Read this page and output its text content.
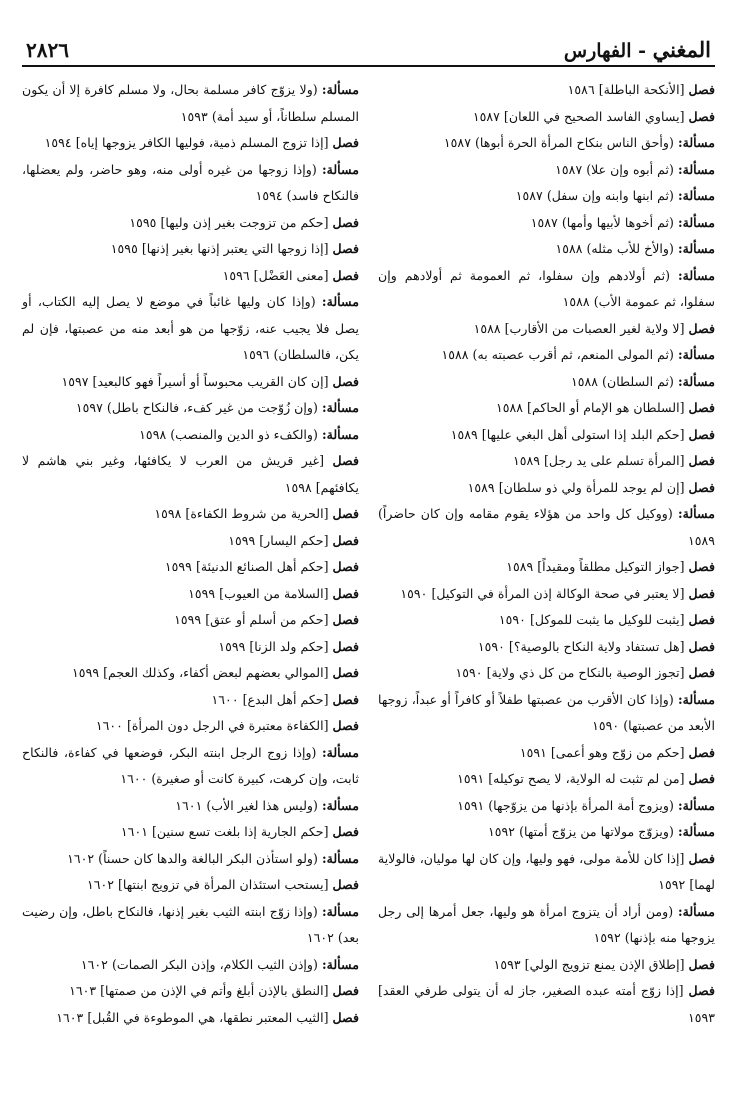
المغني - الفهارس
٢٨٢٦

فصل [الأنكحة الباطلة] ١٥٨٦

فصل [يساوي الفاسد الصحيح في اللعان] ١٥٨٧

مسألة: (وأحق الناس بنكاح المرأة الحرة أبوها) ١٥٨٧

مسألة: (ثم أبوه وإن علا) ١٥٨٧

مسألة: (ثم ابنها وابنه وإن سفل) ١٥٨٧

مسألة: (ثم أخوها لأبيها وأمها) ١٥٨٧

مسألة: (والأخ للأب مثله) ١٥٨٨

مسألة: (ثم أولادهم وإن سفلوا، ثم العمومة ثم أولادهم وإن سفلوا، ثم عمومة الأب) ١٥٨٨

فصل [لا ولاية لغير العصبات من الأقارب] ١٥٨٨

مسألة: (ثم المولى المنعم، ثم أقرب عصبته به) ١٥٨٨

مسألة: (ثم السلطان) ١٥٨٨

فصل [السلطان هو الإمام أو الحاكم] ١٥٨٨

فصل [حكم البلد إذا استولى أهل البغي عليها] ١٥٨٩

فصل [المرأة تسلم على يد رجل] ١٥٨٩

فصل [إن لم يوجد للمرأة ولي ذو سلطان] ١٥٨٩

مسألة: (ووكيل كل واحد من هؤلاء يقوم مقامه وإن كان حاضراً) ١٥٨٩

فصل [جواز التوكيل مطلقاً ومقيداً] ١٥٨٩

فصل [لا يعتبر في صحة الوكالة إذن المرأة في التوكيل] ١٥٩٠

فصل [يثبت للوكيل ما يثبت للموكل] ١٥٩٠

فصل [هل تستفاد ولاية النكاح بالوصية؟] ١٥٩٠

فصل [تجوز الوصية بالنكاح من كل ذي ولاية] ١٥٩٠

مسألة: (وإذا كان الأقرب من عصبتها طفلاً أو كافراً أو عبداً، زوجها الأبعد من عصبتها) ١٥٩٠

فصل [حكم من زوّج وهو أعمى] ١٥٩١

فصل [من لم تثبت له الولاية، لا يصح توكيله] ١٥٩١

مسألة: (ويزوج أمة المرأة بإذنها من يزوّجها) ١٥٩١

مسألة: (ويزوّج مولاتها من يزوّج أمتها) ١٥٩٢

فصل [إذا كان للأمة مولى، فهو وليها، وإن كان لها موليان، فالولاية لهما] ١٥٩٢

مسألة: (ومن أراد أن يتزوج امرأة هو وليها، جعل أمرها إلى رجل يزوجها منه بإذنها) ١٥٩٢

فصل [إطلاق الإذن يمنع تزويج الولي] ١٥٩٣

فصل [إذا زوّج أمته عبده الصغير، جاز له أن يتولى طرفي العقد] ١٥٩٣

مسألة: (ولا يزوّج كافر مسلمة بحال، ولا مسلم كافرة إلا أن يكون المسلم سلطاناً، أو سيد أمة) ١٥٩٣

فصل [إذا تزوج المسلم ذمية، فوليها الكافر يزوجها إياه] ١٥٩٤

مسألة: (وإذا زوجها من غيره أولى منه، وهو حاضر، ولم يعضلها، فالنكاح فاسد) ١٥٩٤

فصل [حكم من تزوجت بغير إذن وليها] ١٥٩٥

فصل [إذا زوجها التي يعتبر إذنها بغير إذنها] ١٥٩٥

فصل [معنى العَضْل] ١٥٩٦

مسألة: (وإذا كان وليها غائباً في موضع لا يصل إليه الكتاب، أو يصل فلا يجيب عنه، زوّجها من هو أبعد منه من عصبتها، فإن لم يكن، فالسلطان) ١٥٩٦

فصل [إن كان القريب محبوساً أو أسيراً فهو كالبعيد] ١٥٩٧

مسألة: (وإن زُوّجت من غير كفء، فالنكاح باطل) ١٥٩٧

مسألة: (والكفء ذو الدين والمنصب) ١٥٩٨

فصل [غير قريش من العرب لا يكافئها، وغير بني هاشم لا يكافئهم] ١٥٩٨

فصل [الحرية من شروط الكفاءة] ١٥٩٨

فصل [حكم اليسار] ١٥٩٩

فصل [حكم أهل الصنائع الدنيئة] ١٥٩٩

فصل [السلامة من العيوب] ١٥٩٩

فصل [حكم من أسلم أو عتق] ١٥٩٩

فصل [حكم ولد الزنا] ١٥٩٩

فصل [الموالي بعضهم لبعض أكفاء، وكذلك العجم] ١٥٩٩

فصل [حكم أهل البدع] ١٦٠٠

فصل [الكفاءة معتبرة في الرجل دون المرأة] ١٦٠٠

مسألة: (وإذا زوج الرجل ابنته البكر، فوضعها في كفاءة، فالنكاح ثابت، وإن كرهت، كبيرة كانت أو صغيرة) ١٦٠٠

مسألة: (وليس هذا لغير الأب) ١٦٠١

فصل [حكم الجارية إذا بلغت تسع سنين] ١٦٠١

مسألة: (ولو استأذن البكر البالغة والدها كان حسناً) ١٦٠٢

فصل [يستحب استئذان المرأة في تزويج ابنتها] ١٦٠٢

مسألة: (وإذا زوّج ابنته الثيب بغير إذنها، فالنكاح باطل، وإن رضيت بعد) ١٦٠٢

مسألة: (وإذن الثيب الكلام، وإذن البكر الصمات) ١٦٠٢

فصل [النطق بالإذن أبلغ وأتم في الإذن من صمتها] ١٦٠٣

فصل [الثيب المعتبر نطقها، هي الموطوءة في القُبل] ١٦٠٣
